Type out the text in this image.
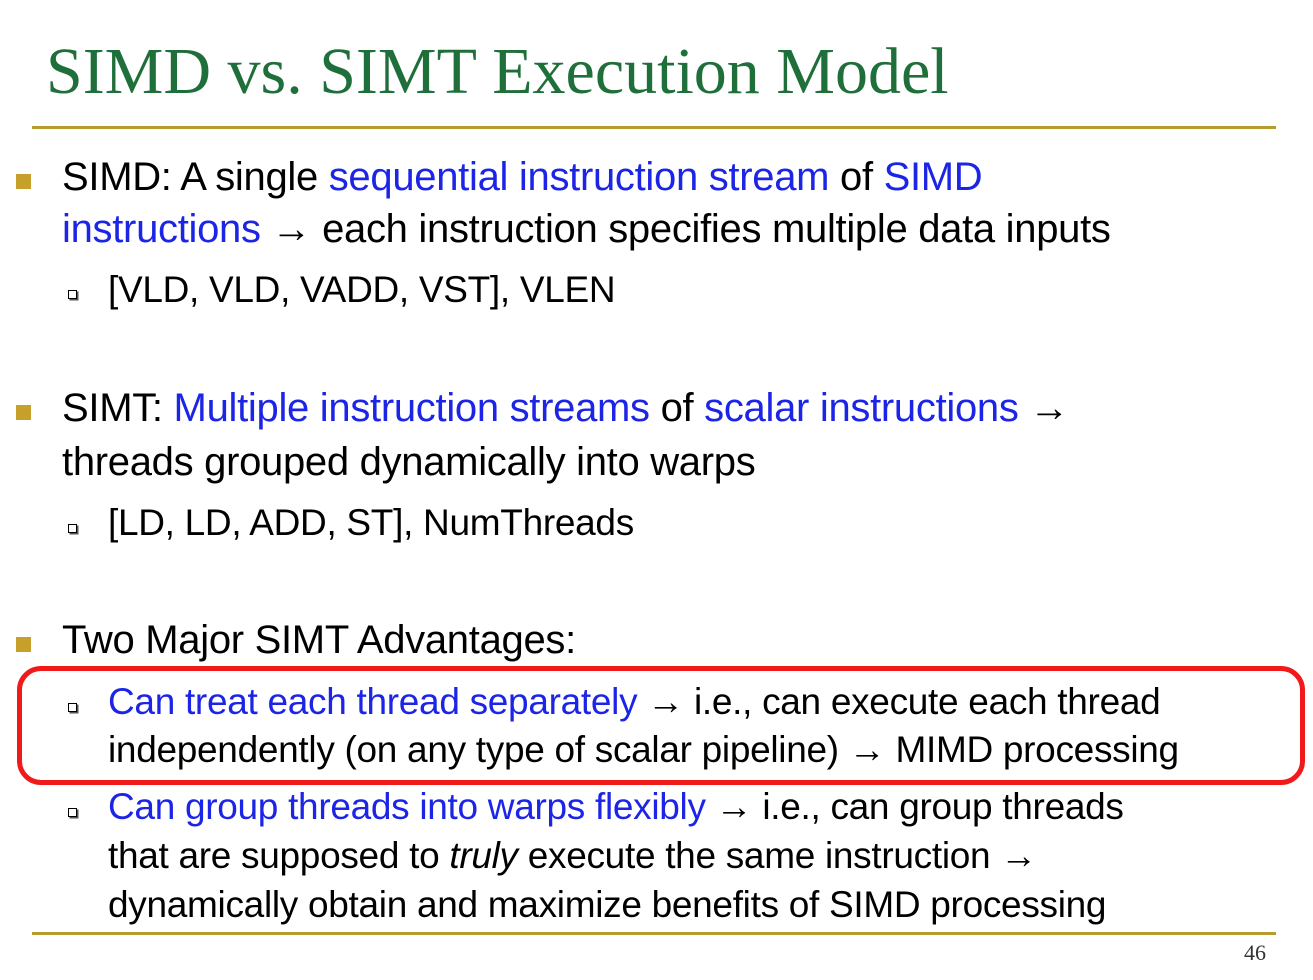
SIMD vs. SIMT Execution Model
SIMD: A single sequential instruction stream of SIMD
instructions → each instruction specifies multiple data inputs
[VLD, VLD, VADD, VST], VLEN
SIMT: Multiple instruction streams of scalar instructions →
threads grouped dynamically into warps
[LD, LD, ADD, ST], NumThreads
Two Major SIMT Advantages:
Can treat each thread separately → i.e., can execute each thread
independently (on any type of scalar pipeline) → MIMD processing
Can group threads into warps flexibly → i.e., can group threads
that are supposed to truly execute the same instruction →
dynamically obtain and maximize benefits of SIMD processing
46
